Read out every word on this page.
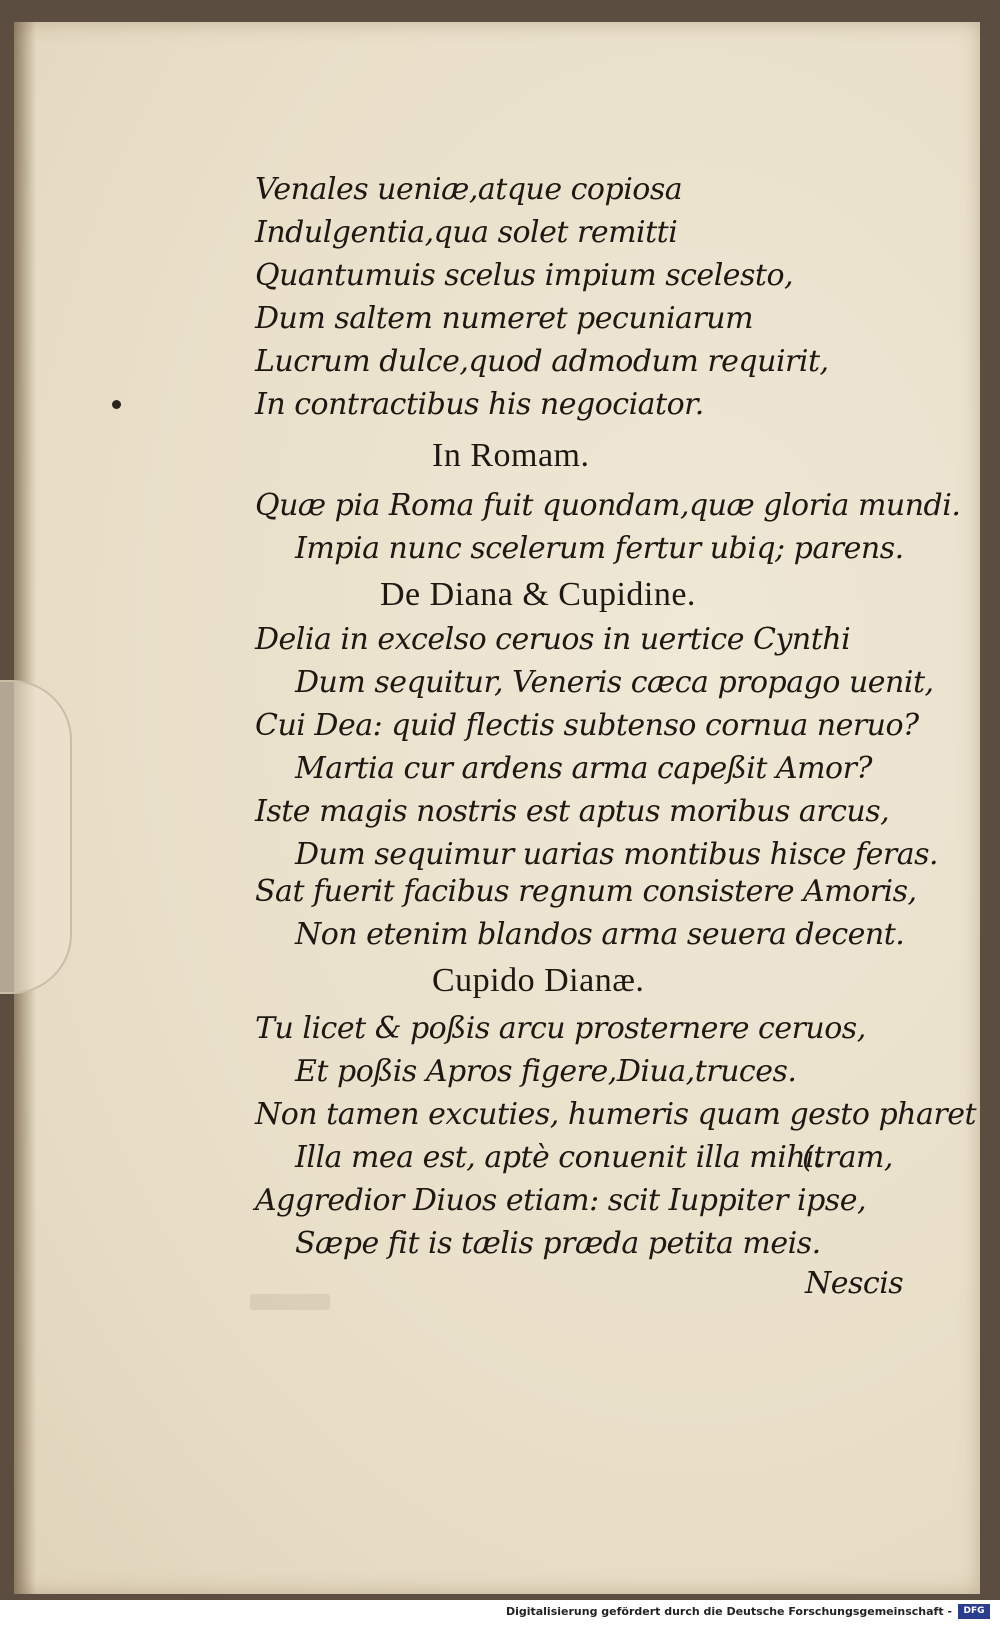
Venales ueniæ,atque copiosa
Indulgentia,qua solet remitti
Quantumuis scelus impium scelesto,
Dum saltem numeret pecuniarum
Lucrum dulce,quod admodum requirit,
In contractibus his negociator.
In Romam.
Quæ pia Roma fuit quondam,quæ gloria mundi.
Impia nunc scelerum fertur ubiq; parens.
De Diana & Cupidine.
Delia in excelso ceruos in uertice Cynthi
Dum sequitur, Veneris cæca propago uenit,
Cui Dea: quid flectis subtenso cornua neruo?
Martia cur ardens arma capeßit Amor?
Iste magis nostris est aptus moribus arcus,
Dum sequimur uarias montibus hisce feras.
Sat fuerit facibus regnum consistere Amoris,
Non etenim blandos arma seuera decent.
Cupido Dianæ.
Tu licet & poßis arcu prosternere ceruos,
Et poßis Apros figere,Diua,truces.
Non tamen excuties, humeris quam gesto pharet
Illa mea est, aptè conuenit illa mihi.
(tram,
Aggredior Diuos etiam: scit Iuppiter ipse,
Sæpe fit is tælis præda petita meis.
Nescis
Digitalisierung gefördert durch die Deutsche Forschungsgemeinschaft -	DFG
